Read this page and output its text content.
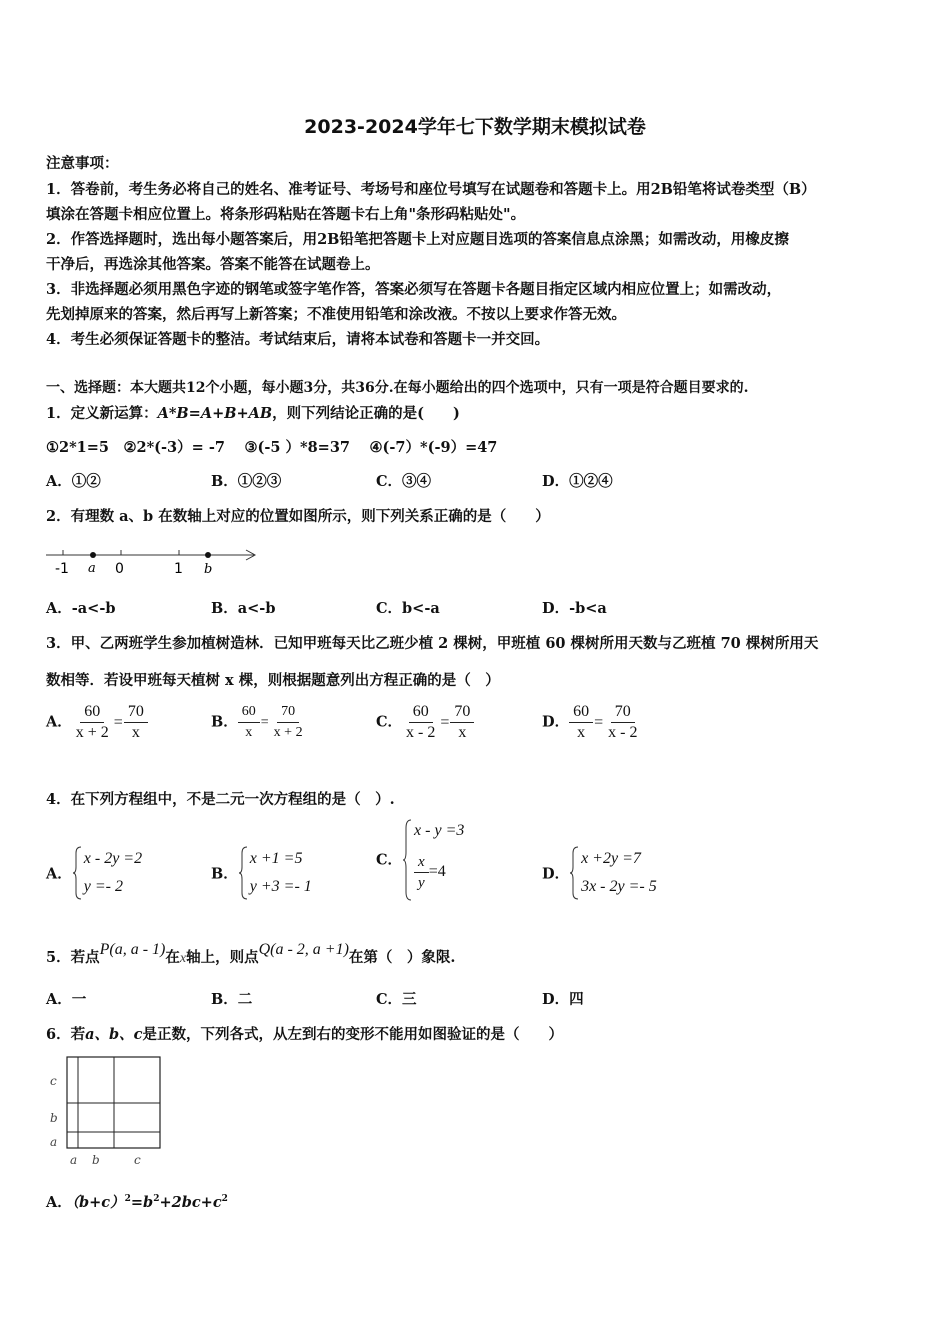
2023-2024学年七下数学期末模拟试卷
注意事项：
1．答卷前，考生务必将自己的姓名、准考证号、考场号和座位号填写在试题卷和答题卡上。用2B铅笔将试卷类型（B）
填涂在答题卡相应位置上。将条形码粘贴在答题卡右上角"条形码粘贴处"。
2．作答选择题时，选出每小题答案后，用2B铅笔把答题卡上对应题目选项的答案信息点涂黑；如需改动，用橡皮擦
干净后，再选涂其他答案。答案不能答在试题卷上。
3．非选择题必须用黑色字迹的钢笔或签字笔作答，答案必须写在答题卡各题目指定区域内相应位置上；如需改动，
先划掉原来的答案，然后再写上新答案；不准使用铅笔和涂改液。不按以上要求作答无效。
4．考生必须保证答题卡的整洁。考试结束后，请将本试卷和答题卡一并交回。
一、选择题：本大题共12个小题，每小题3分，共36分.在每小题给出的四个选项中，只有一项是符合题目要求的.
1．定义新运算：A*B=A+B+AB，则下列结论正确的是(　　)
①2*1=5　②2*(-3）= -7　 ③(-5 ）*8=37　 ④(-7）*(-9）=47
A．①②	B．①②③	C．③④	D．①②④
2．有理数 a、b 在数轴上对应的位置如图所示，则下列关系正确的是（　　）
-1	0	1
a	b
A．-a<-b	B．a<-b	C．b<-a	D．-b<a
3．甲、乙两班学生参加植树造林．已知甲班每天比乙班少植 2 棵树，甲班植 60 棵树所用天数与乙班植 70 棵树所用天
数相等．若设甲班每天植树 x 棵，则根据题意列出方程正确的是（　）
A． $\frac{60}{x + 2} = \frac{70}{x}$	B． $\frac{60}{x} = \frac{70}{x + 2}$	C． $\frac{60}{x - 2} = \frac{70}{x}$	D． $\frac{60}{x} = \frac{70}{x - 2}$
4．在下列方程组中，不是二元一次方程组的是（　）.
A．
x - 2y =2
y =- 2
B．
x +1 =5
y +3 =- 1
C．
x - y =3
$\frac{x}{y} =4$	D．
x +2y =7
3x - 2y =- 5
5．若点P(a, a - 1)在x轴上，则点Q(a - 2, a +1)在第（　）象限.
A．一	B．二	C．三	D．四
6．若a、b、c是正数，下列各式，从左到右的变形不能用如图验证的是（　　）
c
b
a
a b	c
A．$(b+c)^2=b^2+2bc+c^2$
